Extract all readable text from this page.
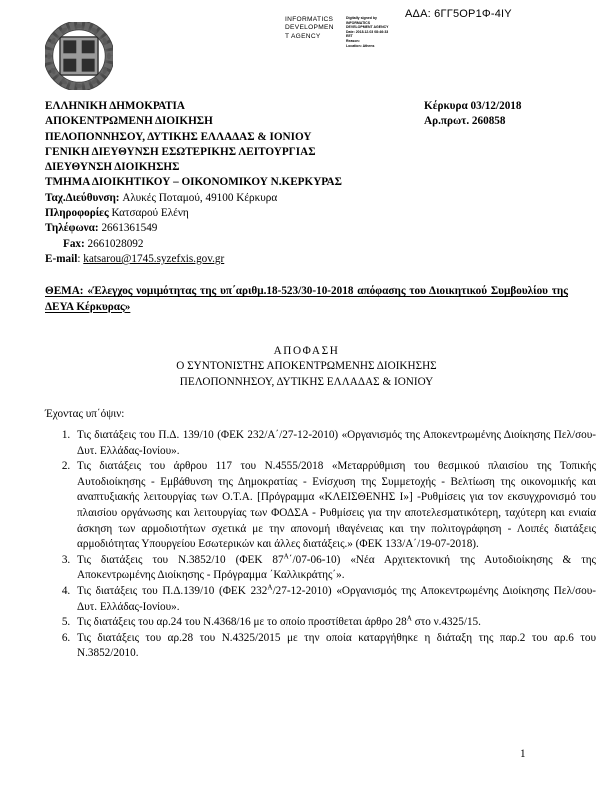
ΑΔΑ: 6ΓΓ5ΟΡ1Φ-4ΙΥ
INFORMATICS
DEVELOPMEN
T AGENCY
Digitally signed by
INFORMATICS
DEVELOPMENT AGENCY
Date: 2018.12.03 08:46:33
EET
Reason:
Location: Athens
ΕΛΛΗΝΙΚΗ ΔΗΜΟΚΡΑΤΙΑ
ΑΠΟΚΕΝΤΡΩΜΕΝΗ ΔΙΟΙΚΗΣΗ
ΠΕΛΟΠΟΝΝΗΣΟΥ, ΔΥΤΙΚΗΣ ΕΛΛΑΔΑΣ & ΙΟΝΙΟΥ
ΓΕΝΙΚΗ ΔΙΕΥΘΥΝΣΗ ΕΣΩΤΕΡΙΚΗΣ ΛΕΙΤΟΥΡΓΙΑΣ
ΔΙΕΥΘΥΝΣΗ ΔΙΟΙΚΗΣΗΣ
ΤΜΗΜΑ ΔΙΟΙΚΗΤΙΚΟΥ – ΟΙΚΟΝΟΜΙΚΟΥ Ν.ΚΕΡΚΥΡΑΣ
Ταχ.Διεύθυνση: Αλυκές Ποταμού, 49100 Κέρκυρα
Πληροφορίες Κατσαρού Ελένη
Τηλέφωνα: 2661361549
Fax: 2661028092
E-mail: katsarou@1745.syzefxis.gov.gr
Κέρκυρα 03/12/2018
Αρ.πρωτ. 260858
ΘΕΜΑ: «Έλεγχος νομιμότητας της υπ΄αριθμ.18-523/30-10-2018 απόφασης του Διοικητικού Συμβουλίου της ΔΕΥΑ Κέρκυρας»
ΑΠΟΦΑΣΗ
Ο ΣΥΝΤΟΝΙΣΤΗΣ ΑΠΟΚΕΝΤΡΩΜΕΝΗΣ ΔΙΟΙΚΗΣΗΣ
ΠΕΛΟΠΟΝΝΗΣΟΥ, ΔΥΤΙΚΗΣ ΕΛΛΑΔΑΣ & ΙΟΝΙΟΥ
Έχοντας υπ΄όψιν:
1. Τις διατάξεις του Π.Δ. 139/10 (ΦΕΚ 232/Α΄/27-12-2010) «Οργανισμός της Αποκεντρωμένης Διοίκησης Πελ/σου-Δυτ. Ελλάδας-Ιονίου».
2. Τις διατάξεις του άρθρου 117 του Ν.4555/2018 «Μεταρρύθμιση του θεσμικού πλαισίου της Τοπικής Αυτοδιοίκησης - Εμβάθυνση της Δημοκρατίας - Ενίσχυση της Συμμετοχής - Βελτίωση της οικονομικής και αναπτυξιακής λειτουργίας των Ο.Τ.Α. [Πρόγραμμα «ΚΛΕΙΣΘΕΝΗΣ Ι»] -Ρυθμίσεις για τον εκσυγχρονισμό του πλαισίου οργάνωσης και λειτουργίας των ΦΟΔΣΑ - Ρυθμίσεις για την αποτελεσματικότερη, ταχύτερη και ενιαία άσκηση των αρμοδιοτήτων σχετικά με την απονομή ιθαγένειας και την πολιτογράφηση - Λοιπές διατάξεις αρμοδιότητας Υπουργείου Εσωτερικών και άλλες διατάξεις.» (ΦΕΚ 133/Α΄/19-07-2018).
3. Τις διατάξεις του Ν.3852/10 (ΦΕΚ $87^A΄/07-06-10$) «Νέα Αρχιτεκτονική της Αυτοδιοίκησης & της Αποκεντρωμένης Διοίκησης - Πρόγραμμα ΄Καλλικράτης΄».
4. Τις διατάξεις του Π.Δ.139/10 (ΦΕΚ $232^A/27-12-2010$) «Οργανισμός της Αποκεντρωμένης Διοίκησης Πελ/σου-Δυτ. Ελλάδας-Ιονίου».
5. Τις διατάξεις του αρ.24 του Ν.4368/16 με το οποίο προστίθεται άρθρο $28^A$ στο ν.4325/15.
6. Τις διατάξεις του αρ.28 του Ν.4325/2015 με την οποία καταργήθηκε η διάταξη της παρ.2 του αρ.6 του Ν.3852/2010.
1
